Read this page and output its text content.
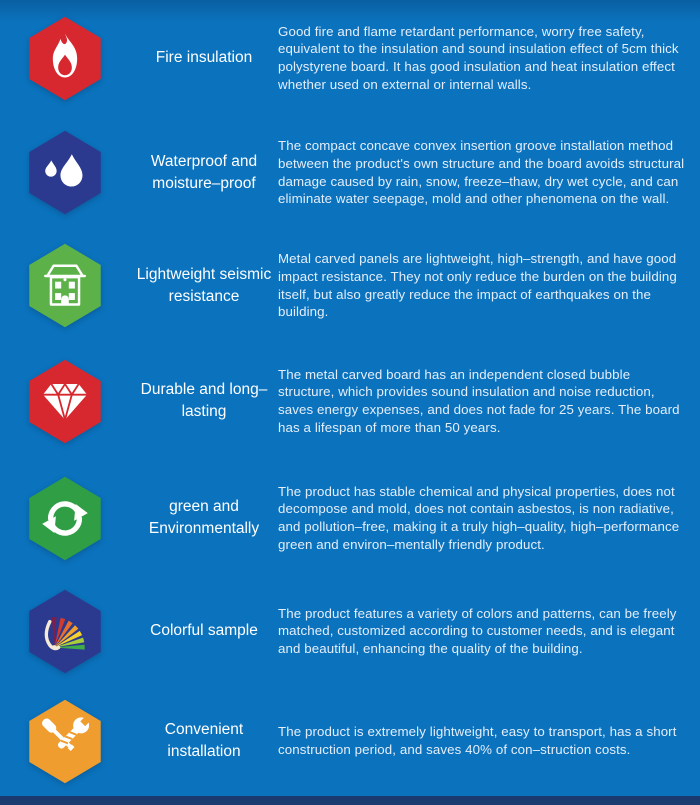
Fire insulation

Good fire and flame retardant performance, worry free safety, equivalent to the insulation and sound insulation effect of 5cm thick polystyrene board. It has good insulation and heat insulation effect whether used on external or internal walls.

Waterproof and moisture–proof

The compact concave convex insertion groove installation method between the product's own structure and the board avoids structural damage caused by rain, snow, freeze–thaw, dry wet cycle, and can eliminate water seepage, mold and other phenomena on the wall.

Lightweight seismic resistance

Metal carved panels are lightweight, high–strength, and have good impact resistance. They not only reduce the burden on the building itself, but also greatly reduce the impact of earthquakes on the building.

Durable and long–lasting

The metal carved board has an independent closed bubble structure, which provides sound insulation and noise reduction, saves energy expenses, and does not fade for 25 years. The board has a lifespan of more than 50 years.

green and Environmentally

The product has stable chemical and physical properties, does not decompose and mold, does not contain asbestos, is non radiative, and pollution–free, making it a truly high–quality, high–performance green and environ–mentally friendly product.

Colorful sample

The product features a variety of colors and patterns, can be freely matched, customized according to customer needs, and is elegant and beautiful, enhancing the quality of the building.

Convenient installation

The product is extremely lightweight, easy to transport, has a short construction period, and saves 40% of con–struction costs.
